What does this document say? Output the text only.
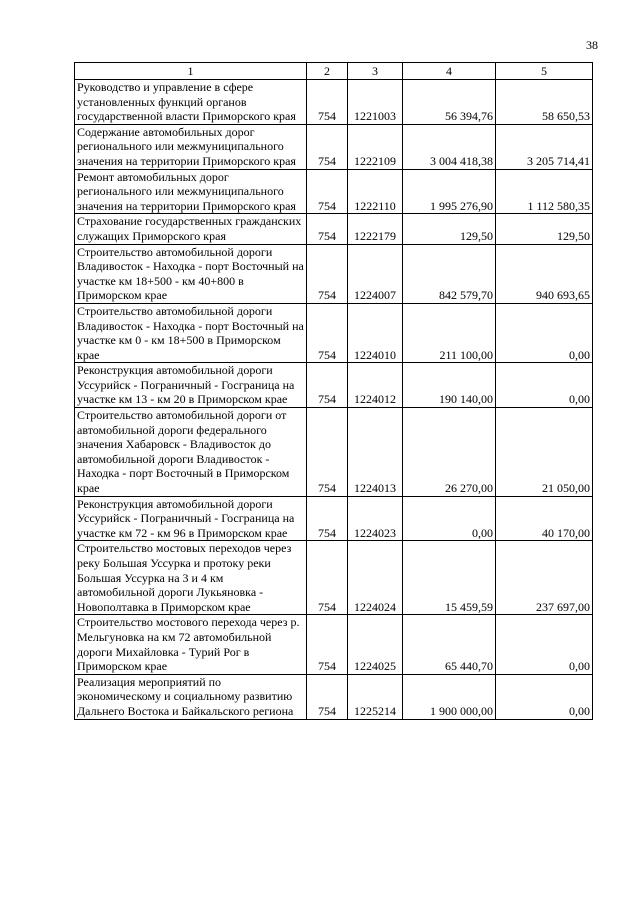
38
1	2	3	4	5
Руководство и управление в сфере установленных функций органов государственной власти Приморского края	754	1221003	56 394,76	58 650,53
Содержание автомобильных дорог регионального или межмуниципального значения на территории Приморского края	754	1222109	3 004 418,38	3 205 714,41
Ремонт автомобильных дорог регионального или межмуниципального значения на территории Приморского края	754	1222110	1 995 276,90	1 112 580,35
Страхование государственных гражданских служащих Приморского края	754	1222179	129,50	129,50
Строительство автомобильной дороги Владивосток - Находка - порт Восточный на участке км 18+500 - км 40+800 в Приморском крае	754	1224007	842 579,70	940 693,65
Строительство автомобильной дороги Владивосток - Находка - порт Восточный на участке км 0 - км 18+500 в Приморском крае	754	1224010	211 100,00	0,00
Реконструкция автомобильной дороги Уссурийск - Пограничный - Госграница на участке км 13 - км 20 в Приморском крае	754	1224012	190 140,00	0,00
Строительство автомобильной дороги от автомобильной дороги федерального значения Хабаровск - Владивосток до автомобильной дороги Владивосток - Находка - порт Восточный в Приморском крае	754	1224013	26 270,00	21 050,00
Реконструкция автомобильной дороги Уссурийск - Пограничный - Госграница на участке км 72 - км 96 в Приморском крае	754	1224023	0,00	40 170,00
Строительство мостовых переходов через реку Большая Уссурка и протоку реки Большая Уссурка на 3 и 4 км автомобильной дороги Лукьяновка - Новополтавка в Приморском крае	754	1224024	15 459,59	237 697,00
Строительство мостового перехода через р. Мельгуновка на км 72 автомобильной дороги Михайловка - Турий Рог в Приморском крае	754	1224025	65 440,70	0,00
Реализация мероприятий по экономическому и социальному развитию Дальнего Востока и Байкальского региона	754	1225214	1 900 000,00	0,00
